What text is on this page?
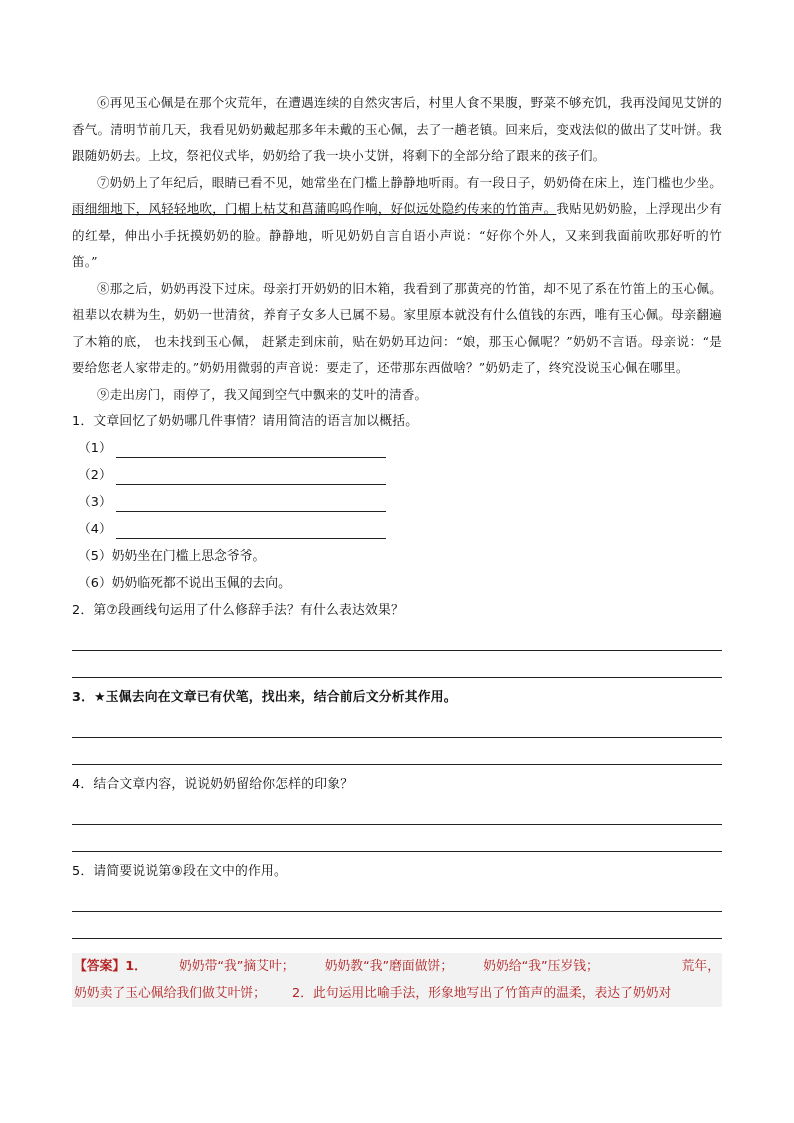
⑥再见玉心佩是在那个灾荒年，在遭遇连续的自然灾害后，村里人食不果腹，野菜不够充饥，我再没闻见艾饼的香气。清明节前几天，我看见奶奶戴起那多年未戴的玉心佩，去了一趟老镇。回来后，变戏法似的做出了艾叶饼。我跟随奶奶去。上坟，祭祀仪式毕，奶奶给了我一块小艾饼，将剩下的全部分给了跟来的孩子们。

⑦奶奶上了年纪后，眼睛已看不见，她常坐在门槛上静静地听雨。有一段日子，奶奶倚在床上，连门槛也少坐。雨细细地下，风轻轻地吹，门楣上枯艾和菖蒲呜呜作响，好似远处隐约传来的竹笛声。我贴见奶奶脸，上浮现出少有的红晕，伸出小手抚摸奶奶的脸。静静地，听见奶奶自言自语小声说：“好你个外人，又来到我面前吹那好听的竹笛。”

⑧那之后，奶奶再没下过床。母亲打开奶奶的旧木箱，我看到了那黄亮的竹笛，却不见了系在竹笛上的玉心佩。祖辈以农耕为生，奶奶一世清贫，养育子女多人已属不易。家里原本就没有什么值钱的东西，唯有玉心佩。母亲翻遍了木箱的底， 也未找到玉心佩， 赶紧走到床前，贴在奶奶耳边问：“娘，那玉心佩呢？”奶奶不言语。母亲说：“是要给您老人家带走的。”奶奶用微弱的声音说：要走了，还带那东西做啥？”奶奶走了，终究没说玉心佩在哪里。

⑨走出房门，雨停了，我又闻到空气中飘来的艾叶的清香。

1．文章回忆了奶奶哪几件事情？请用简洁的语言加以概括。

（1）
（2）
（3）
（4）
（5）奶奶坐在门槛上思念爷爷。
（6）奶奶临死都不说出玉佩的去向。

2．第⑦段画线句运用了什么修辞手法？有什么表达效果？

3．★玉佩去向在文章已有伏笔，找出来，结合前后文分析其作用。

4．结合文章内容，说说奶奶留给你怎样的印象？

5．请简要说说第⑨段在文中的作用。

【答案】1．	奶奶带“我”摘艾叶； 奶奶教“我”磨面做饼； 奶奶给“我”压岁钱；	荒年，
奶奶卖了玉心佩给我们做艾叶饼； 2．此句运用比喻手法，形象地写出了竹笛声的温柔，表达了奶奶对
